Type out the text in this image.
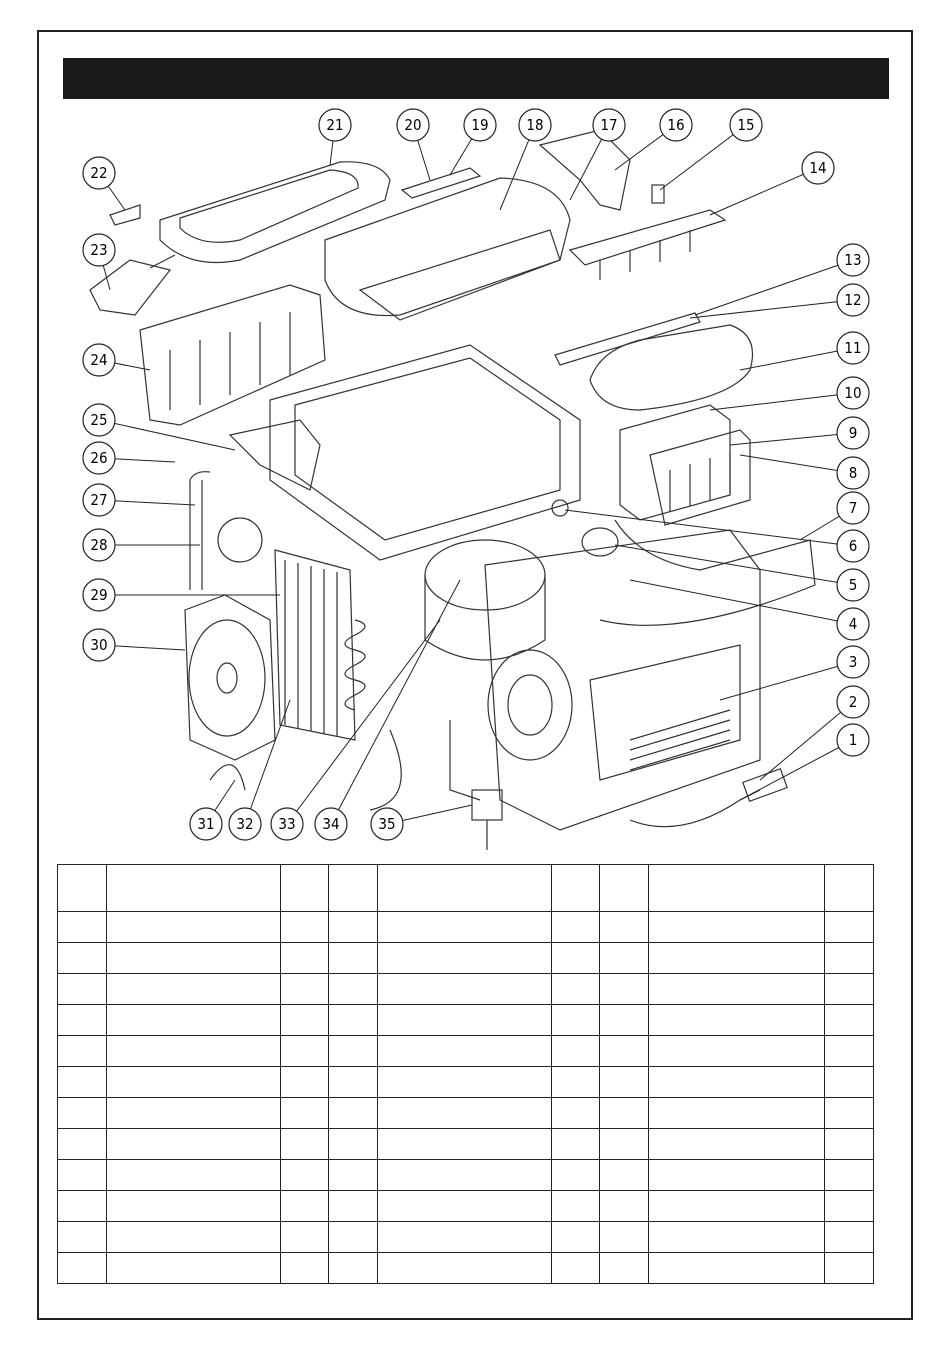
1
2
3
4
5
6
7
8
9
10
11
12
13
14
15
16
17
18
19
20
21
22
23
24
25
26
27
28
29
30
31 32 33 34	35
